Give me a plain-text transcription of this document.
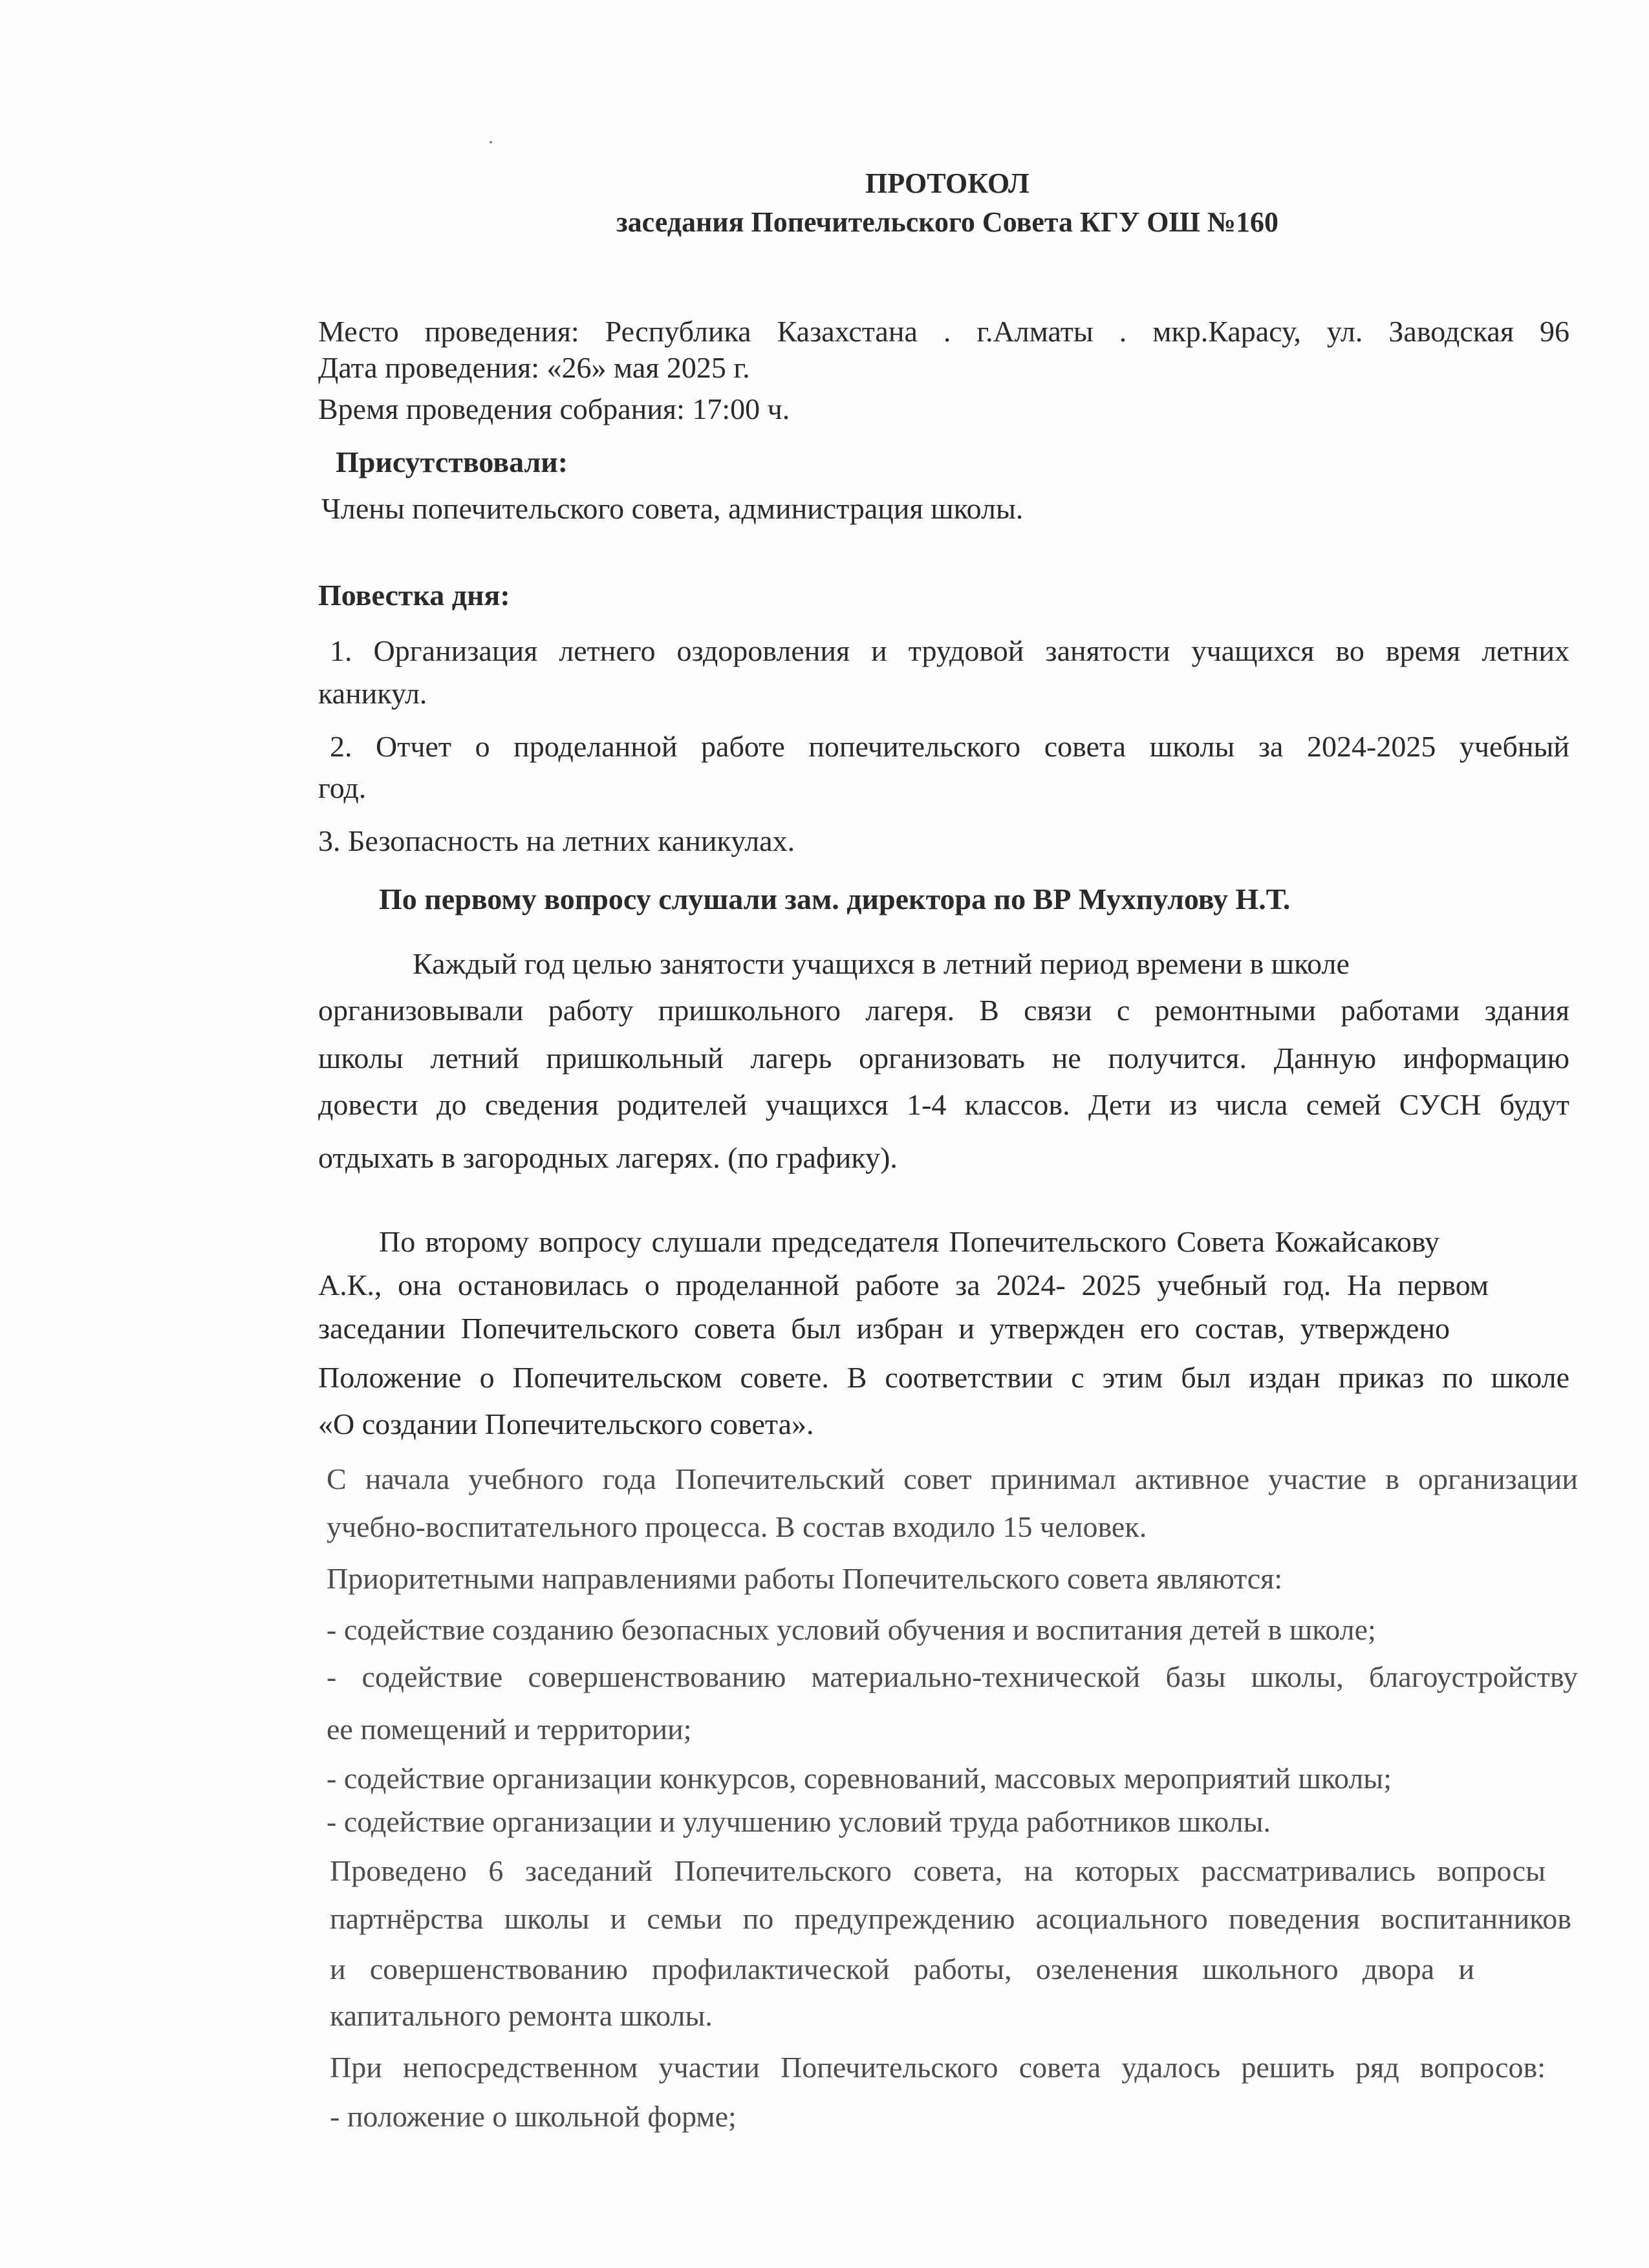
ПРОТОКОЛ
заседания Попечительского Совета КГУ ОШ №160
Место проведения: Республика Казахстана . г.Алматы . мкр.Карасу, ул. Заводская 96
Дата проведения: «26» мая 2025 г.
Время проведения собрания: 17:00 ч.
Присутствовали:
Члены попечительского совета, администрация школы.
Повестка дня:
1. Организация летнего оздоровления и трудовой занятости учащихся во время летних
каникул.
2. Отчет о проделанной работе попечительского совета школы за 2024-2025 учебный
год.
3. Безопасность на летних каникулах.
По первому вопросу слушали зам. директора по ВР Мухпулову Н.Т.
Каждый год целью занятости учащихся в летний период времени в школе
организовывали работу пришкольного лагеря. В связи с ремонтными работами здания
школы летний пришкольный лагерь организовать не получится. Данную информацию
довести до сведения родителей учащихся 1-4 классов. Дети из числа семей СУСН будут
отдыхать в загородных лагерях. (по графику).
По второму вопросу слушали председателя Попечительского Совета Кожайсакову
А.К., она остановилась о проделанной работе за 2024- 2025 учебный год. На первом
заседании Попечительского совета был избран и утвержден его состав, утверждено
Положение о Попечительском совете. В соответствии с этим был издан приказ по школе
«О создании Попечительского совета».
С начала учебного года Попечительский совет принимал активное участие в организации
учебно-воспитательного процесса. В состав входило 15 человек.
Приоритетными направлениями работы Попечительского совета являются:
- содействие созданию безопасных условий обучения и воспитания детей в школе;
- содействие совершенствованию материально-технической базы школы, благоустройству
ее помещений и территории;
- содействие организации конкурсов, соревнований, массовых мероприятий школы;
- содействие организации и улучшению условий труда работников школы.
Проведено 6 заседаний Попечительского совета, на которых рассматривались вопросы
партнёрства школы и семьи по предупреждению асоциального поведения воспитанников
и совершенствованию профилактической работы, озеленения школьного двора и
капитального ремонта школы.
При непосредственном участии Попечительского совета удалось решить ряд вопросов:
- положение о школьной форме;
